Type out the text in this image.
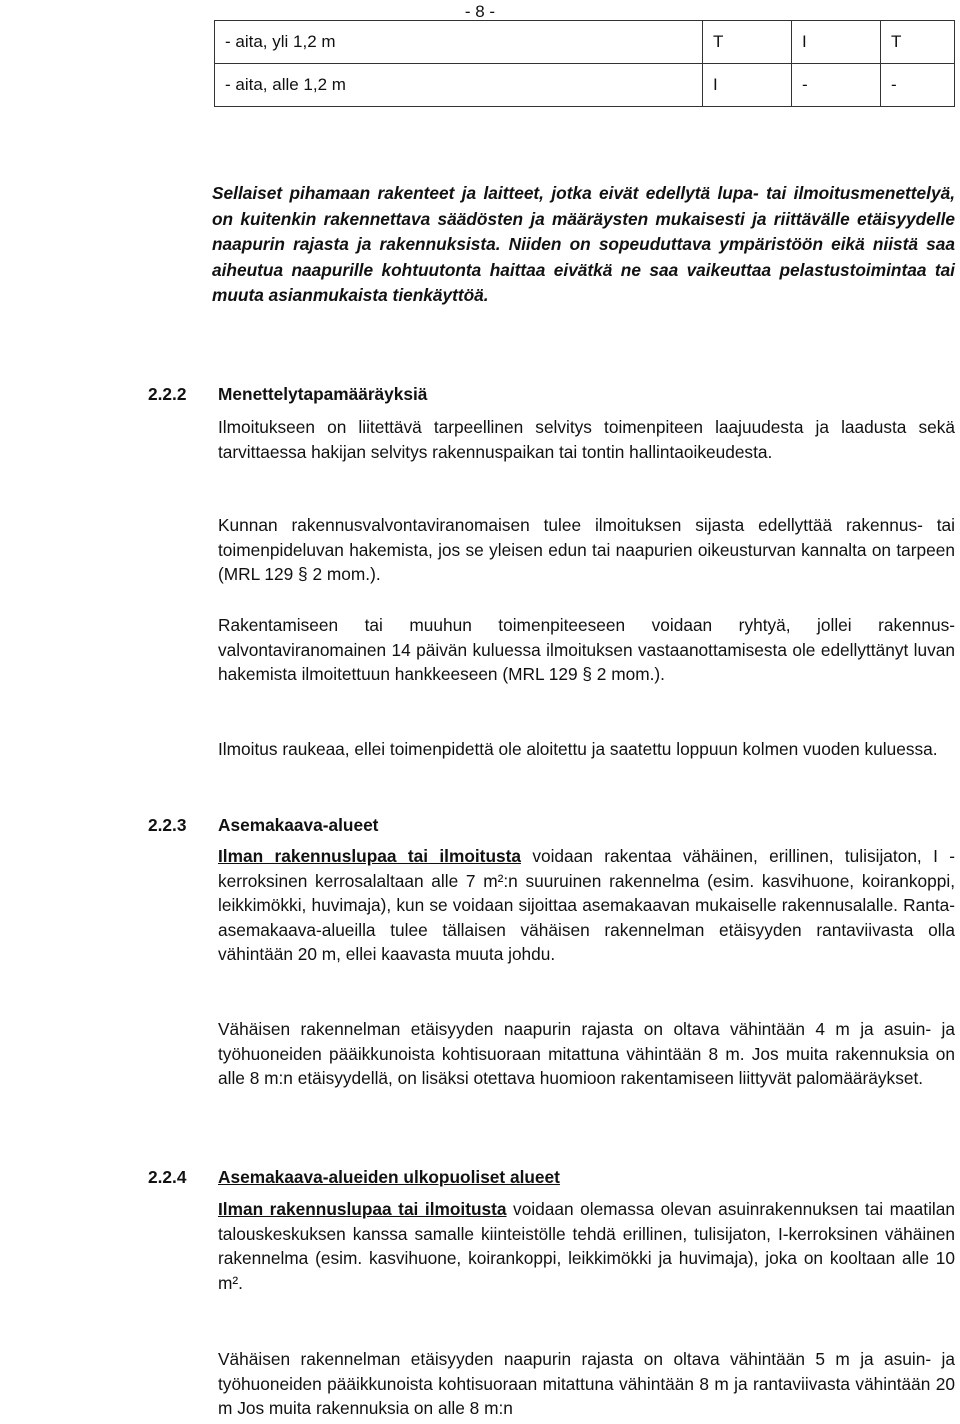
- 8 -
- aita, yli 1,2 m	T	I	T
- aita, alle 1,2 m	I	-	-
Sellaiset pihamaan rakenteet ja laitteet, jotka eivät edellytä lupa- tai ilmoitusmenettelyä, on kuitenkin rakennettava säädösten ja määräysten mukaisesti ja riittävälle etäisyydelle naapurin rajasta ja rakennuksista. Niiden on sopeuduttava ympäristöön eikä niistä saa aiheutua naapurille kohtuutonta haittaa eivätkä ne saa vaikeuttaa pelastustoimintaa tai muuta asianmukaista tienkäyttöä.
2.2.2 Menettelytapamääräyksiä
Ilmoitukseen on liitettävä tarpeellinen selvitys toimenpiteen laajuudesta ja laadusta sekä tarvittaessa hakijan selvitys rakennuspaikan tai tontin hallintaoikeudesta.
Kunnan rakennusvalvontaviranomaisen tulee ilmoituksen sijasta edellyttää rakennus- tai toimenpideluvan hakemista, jos se yleisen edun tai naapurien oikeusturvan kannalta on tarpeen (MRL 129 § 2 mom.).
Rakentamiseen tai muuhun toimenpiteeseen voidaan ryhtyä, jollei rakennus-valvontaviranomainen 14 päivän kuluessa ilmoituksen vastaanottamisesta ole edellyttänyt luvan hakemista ilmoitettuun hankkeeseen (MRL 129 § 2 mom.).
Ilmoitus raukeaa, ellei toimenpidettä ole aloitettu ja saatettu loppuun kolmen vuoden kuluessa.
2.2.3 Asemakaava-alueet
Ilman rakennuslupaa tai ilmoitusta voidaan rakentaa vähäinen, erillinen, tulisijaton, I -kerroksinen kerrosalaltaan alle 7 m²:n suuruinen rakennelma (esim. kasvihuone, koirankoppi, leikkimökki, huvimaja), kun se voidaan sijoittaa asemakaavan mukaiselle rakennusalalle. Ranta-asemakaava-alueilla tulee tällaisen vähäisen rakennelman etäisyyden rantaviivasta olla vähintään 20 m, ellei kaavasta muuta johdu.
Vähäisen rakennelman etäisyyden naapurin rajasta on oltava vähintään 4 m ja asuin- ja työhuoneiden pääikkunoista kohtisuoraan mitattuna vähintään 8 m. Jos muita rakennuksia on alle 8 m:n etäisyydellä, on lisäksi otettava huomioon rakentamiseen liittyvät palomääräykset.
2.2.4 Asemakaava-alueiden ulkopuoliset alueet
Ilman rakennuslupaa tai ilmoitusta voidaan olemassa olevan asuinrakennuksen tai maatilan talouskeskuksen kanssa samalle kiinteistölle tehdä erillinen, tulisijaton, I-kerroksinen vähäinen rakennelma (esim. kasvihuone, koirankoppi, leikkimökki ja huvimaja), joka on kooltaan alle 10 m².
Vähäisen rakennelman etäisyyden naapurin rajasta on oltava vähintään 5 m ja asuin- ja työhuoneiden pääikkunoista kohtisuoraan mitattuna vähintään 8 m ja rantaviivasta vähintään 20 m Jos muita rakennuksia on alle 8 m:n
